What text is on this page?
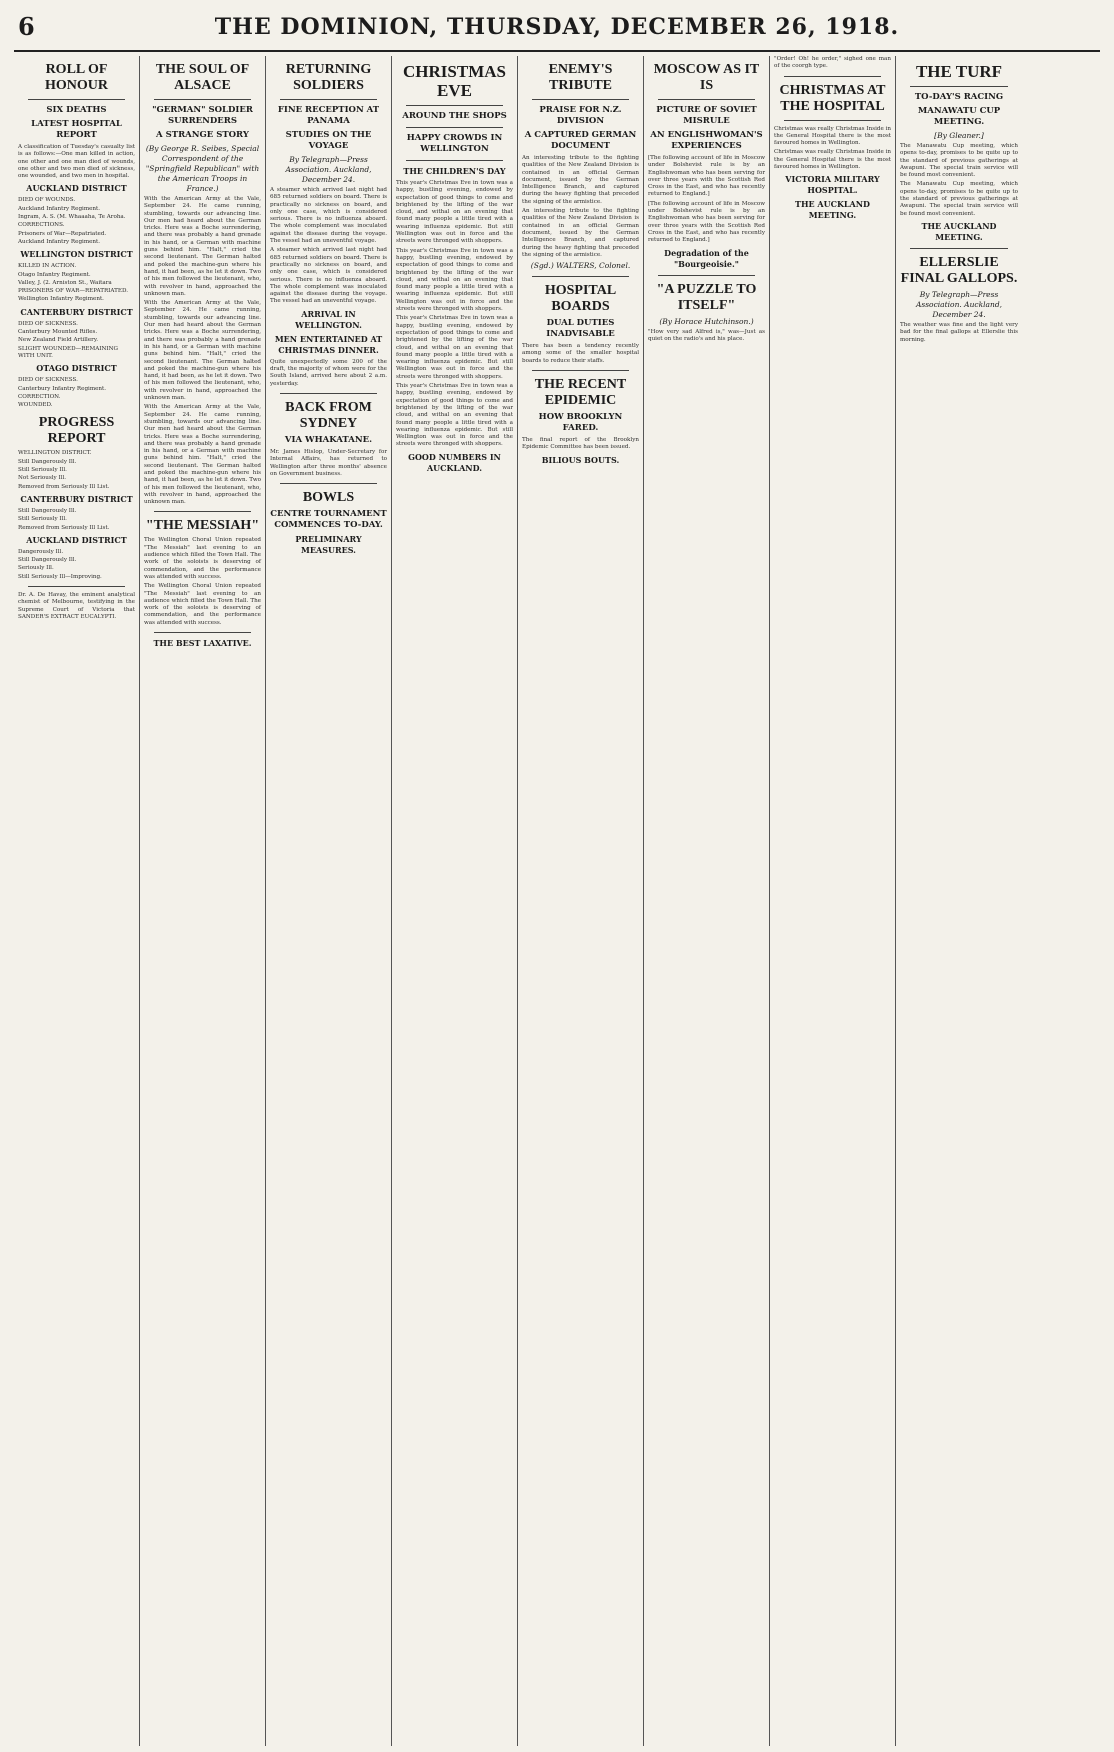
6	THE DOMINION, THURSDAY, DECEMBER 26, 1918.
ROLL OF HONOUR
SIX DEATHS
LATEST HOSPITAL REPORT

A classification of Tuesday's casualty list is as follows:—One man killed in action, one other and one man died of wounds, one other and two men died of sickness, one wounded, and two men in hospital.

AUCKLAND DISTRICT
DIED OF WOUNDS.
Auckland Infantry Regiment.
Ingram, A. S. (M. Whaaaha, Te Aroha.
CORRECTIONS.
Prisoners of War—Repatriated.
Auckland Infantry Regiment.
WELLINGTON DISTRICT
KILLED IN ACTION.
Otago Infantry Regiment.
Valley, J. (2. Arniston St., Waitara
PRISONERS OF WAR—REPATRIATED.
Wellington Infantry Regiment.
CANTERBURY DISTRICT
DIED OF SICKNESS.
Canterbury Mounted Rifles.
New Zealand Field Artillery.
SLIGHT WOUNDED—REMAINING WITH UNIT.
OTAGO DISTRICT
DIED OF SICKNESS.
Canterbury Infantry Regiment.
CORRECTION.
WOUNDED.
PROGRESS REPORT
WELLINGTON DISTRICT.
Still Dangerously Ill.
Still Seriously Ill.
Not Seriously Ill.
Removed from Seriously Ill List.
CANTERBURY DISTRICT
Still Dangerously Ill.
Still Seriously Ill.
Removed from Seriously Ill List.
AUCKLAND DISTRICT
Dangerously Ill.
Still Dangerously Ill.
Seriously Ill.
Still Seriously Ill—Improving.

Dr. A. De Havay, the eminent analytical chemist of Melbourne, testifying in the Supreme Court of Victoria that SANDER'S EXTRACT EUCALYPTI.

THE SOUL OF ALSACE
"GERMAN" SOLDIER SURRENDERS
A STRANGE STORY
(By George R. Seibes, Special Correspondent of the "Springfield Republican" with the American Troops in France.)

With the American Army at the Vale, September 24. He came running, stumbling, towards our advancing line. Our men had heard about the German tricks. Here was a Boche surrendering, and there was probably a hand grenade in his hand, or a German with machine guns behind him. "Halt," cried the second lieutenant. The German halted and poked the machine-gun where his hand, it had been, as he let it down. Two of his men followed the lieutenant, who, with revolver in hand, approached the unknown man.

With the American Army at the Vale, September 24. He came running, stumbling, towards our advancing line. Our men had heard about the German tricks. Here was a Boche surrendering, and there was probably a hand grenade in his hand, or a German with machine guns behind him. "Halt," cried the second lieutenant. The German halted and poked the machine-gun where his hand, it had been, as he let it down. Two of his men followed the lieutenant, who, with revolver in hand, approached the unknown man.

With the American Army at the Vale, September 24. He came running, stumbling, towards our advancing line. Our men had heard about the German tricks. Here was a Boche surrendering, and there was probably a hand grenade in his hand, or a German with machine guns behind him. "Halt," cried the second lieutenant. The German halted and poked the machine-gun where his hand, it had been, as he let it down. Two of his men followed the lieutenant, who, with revolver in hand, approached the unknown man.

"THE MESSIAH"

The Wellington Choral Union repeated "The Messiah" last evening to an audience which filled the Town Hall. The work of the soloists is deserving of commendation, and the performance was attended with success.

The Wellington Choral Union repeated "The Messiah" last evening to an audience which filled the Town Hall. The work of the soloists is deserving of commendation, and the performance was attended with success.

THE BEST LAXATIVE.
RETURNING SOLDIERS
FINE RECEPTION AT PANAMA
STUDIES ON THE VOYAGE
By Telegraph—Press Association. Auckland, December 24.

A steamer which arrived last night had 685 returned soldiers on board. There is practically no sickness on board, and only one case, which is considered serious. There is no influenza aboard. The whole complement was inoculated against the disease during the voyage. The vessel had an uneventful voyage.

A steamer which arrived last night had 685 returned soldiers on board. There is practically no sickness on board, and only one case, which is considered serious. There is no influenza aboard. The whole complement was inoculated against the disease during the voyage. The vessel had an uneventful voyage.

ARRIVAL IN WELLINGTON.
MEN ENTERTAINED AT CHRISTMAS DINNER.

Quite unexpectedly some 200 of the draft, the majority of whom were for the South Island, arrived here about 2 a.m. yesterday.

BACK FROM SYDNEY
VIA WHAKATANE.

Mr. James Hislop, Under-Secretary for Internal Affairs, has returned to Wellington after three months' absence on Government business.

BOWLS
CENTRE TOURNAMENT COMMENCES TO-DAY.
PRELIMINARY MEASURES.
CHRISTMAS EVE
AROUND THE SHOPS
HAPPY CROWDS IN WELLINGTON
THE CHILDREN'S DAY

This year's Christmas Eve in town was a happy, bustling evening, endowed by expectation of good things to come and brightened by the lifting of the war cloud, and withal on an evening that found many people a little tired with a wearing influenza epidemic. But still Wellington was out in force and the streets were thronged with shoppers.

This year's Christmas Eve in town was a happy, bustling evening, endowed by expectation of good things to come and brightened by the lifting of the war cloud, and withal on an evening that found many people a little tired with a wearing influenza epidemic. But still Wellington was out in force and the streets were thronged with shoppers.

This year's Christmas Eve in town was a happy, bustling evening, endowed by expectation of good things to come and brightened by the lifting of the war cloud, and withal on an evening that found many people a little tired with a wearing influenza epidemic. But still Wellington was out in force and the streets were thronged with shoppers.

This year's Christmas Eve in town was a happy, bustling evening, endowed by expectation of good things to come and brightened by the lifting of the war cloud, and withal on an evening that found many people a little tired with a wearing influenza epidemic. But still Wellington was out in force and the streets were thronged with shoppers.

GOOD NUMBERS IN AUCKLAND.
ENEMY'S TRIBUTE
PRAISE FOR N.Z. DIVISION
A CAPTURED GERMAN DOCUMENT

An interesting tribute to the fighting qualities of the New Zealand Division is contained in an official German document, issued by the German Intelligence Branch, and captured during the heavy fighting that preceded the signing of the armistice.

An interesting tribute to the fighting qualities of the New Zealand Division is contained in an official German document, issued by the German Intelligence Branch, and captured during the heavy fighting that preceded the signing of the armistice.

(Sgd.) WALTERS, Colonel.
HOSPITAL BOARDS
DUAL DUTIES INADVISABLE

There has been a tendency recently among some of the smaller hospital boards to reduce their staffs.

THE RECENT EPIDEMIC
HOW BROOKLYN FARED.

The final report of the Brooklyn Epidemic Committee has been issued.

BILIOUS BOUTS.
MOSCOW AS IT IS
PICTURE OF SOVIET MISRULE
AN ENGLISHWOMAN'S EXPERIENCES

[The following account of life in Moscow under Bolshevist rule is by an Englishwoman who has been serving for over three years with the Scottish Red Cross in the East, and who has recently returned to England.]

[The following account of life in Moscow under Bolshevist rule is by an Englishwoman who has been serving for over three years with the Scottish Red Cross in the East, and who has recently returned to England.]

Degradation of the "Bourgeoisie."
"A PUZZLE TO ITSELF"
(By Horace Hutchinson.)

"How very sad Alfred is," was—Just as quiet on the radio's and his place.

"Order! Oh! he order," sighed one man of the coorgh type.

CHRISTMAS AT THE HOSPITAL

Christmas was really Christmas Inside in the General Hospital there is the most favoured homes in Wellington.

Christmas was really Christmas Inside in the General Hospital there is the most favoured homes in Wellington.

VICTORIA MILITARY HOSPITAL.
THE AUCKLAND MEETING.
THE TURF
TO-DAY'S RACING
MANAWATU CUP MEETING.
[By Gleaner.]

The Manawatu Cup meeting, which opens to-day, promises to be quite up to the standard of previous gatherings at Awapuni. The special train service will be found most convenient.

The Manawatu Cup meeting, which opens to-day, promises to be quite up to the standard of previous gatherings at Awapuni. The special train service will be found most convenient.

THE AUCKLAND MEETING.
ELLERSLIE FINAL GALLOPS.
By Telegraph—Press Association. Auckland, December 24.

The weather was fine and the light very bad for the final gallops at Ellerslie this morning.
